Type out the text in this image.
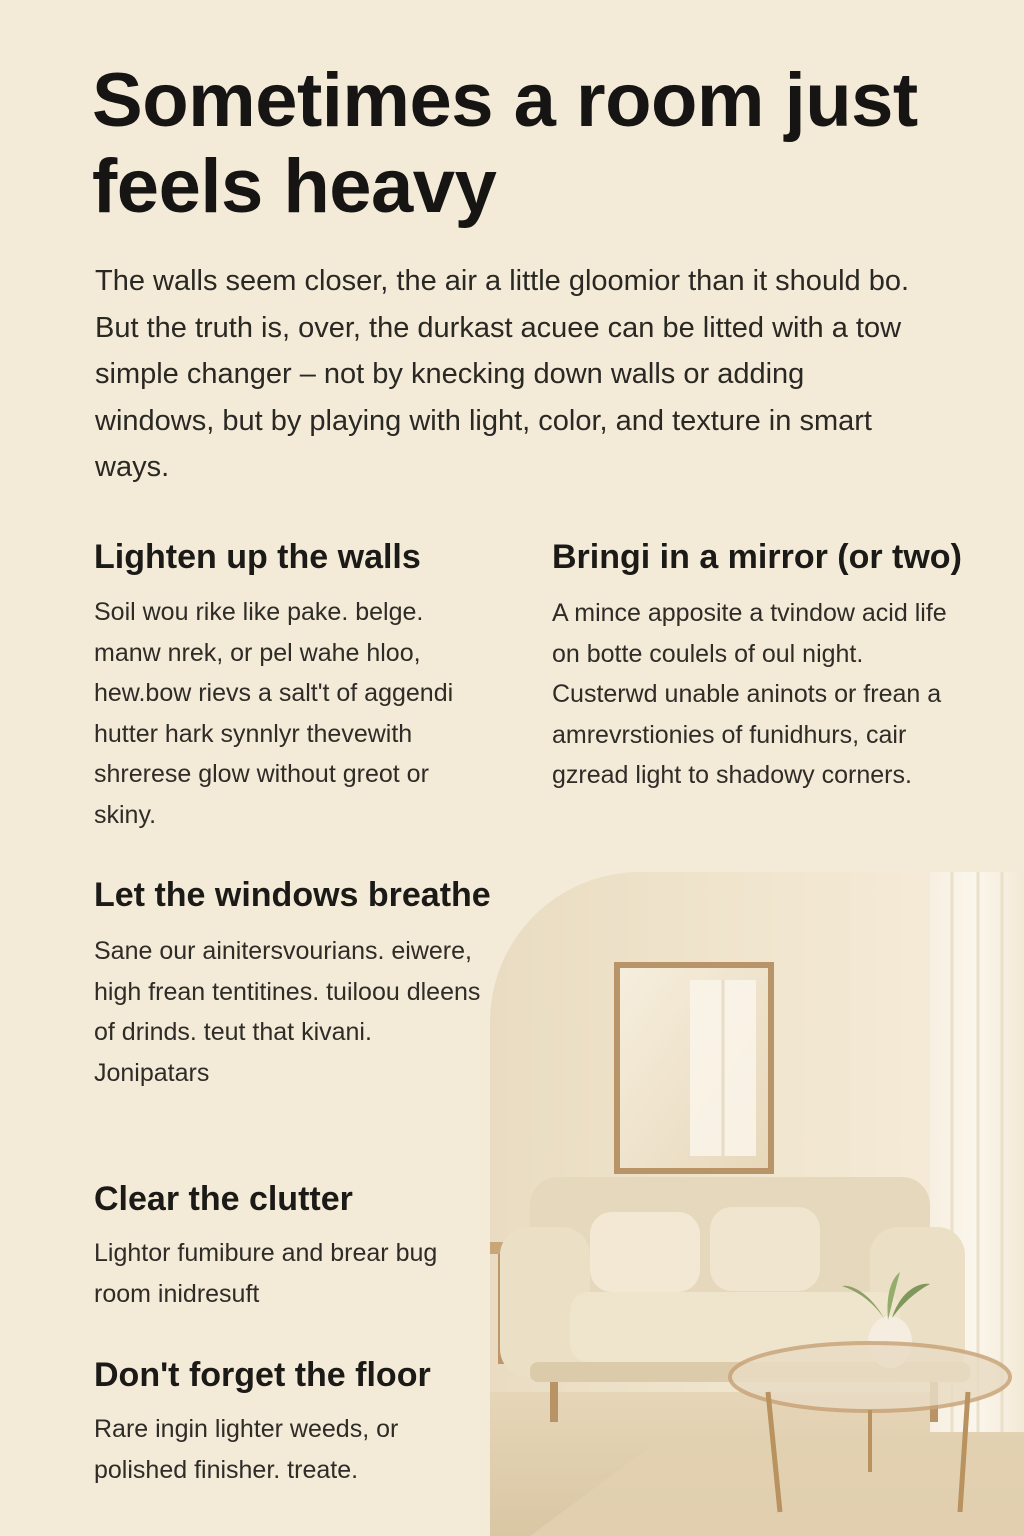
Sometimes a room just feels heavy

The walls seem closer, the air a little gloomior than it should bo. But the truth is, over, the durkast acuee can be litted with a tow simple changer – not by knecking down walls or adding windows, but by playing with light, color, and texture in smart ways.

Lighten up the walls

Soil wou rike like pake. belge. manw nrek, or pel wahe hloo, hew.bow rievs a salt't of aggendi hutter hark synnlyr thevewith shrerese glow without greot or skiny.

Bringi in a mirror (or two)

A mince apposite a tvindow acid life on botte coulels of oul night. Custerwd unable aninots or frean a amrevrstionies of funidhurs, cair gzread light to shadowy corners.

Let the windows breathe

Sane our ainitersvourians. eiwere, high frean tentitines. tuiloou dleens of drinds. teut that kivani. Jonipatars

Clear the clutter

Lightor fumibure and brear bug room inidresuft

Don't forget the floor

Rare ingin lighter weeds, or polished finisher. treate.
